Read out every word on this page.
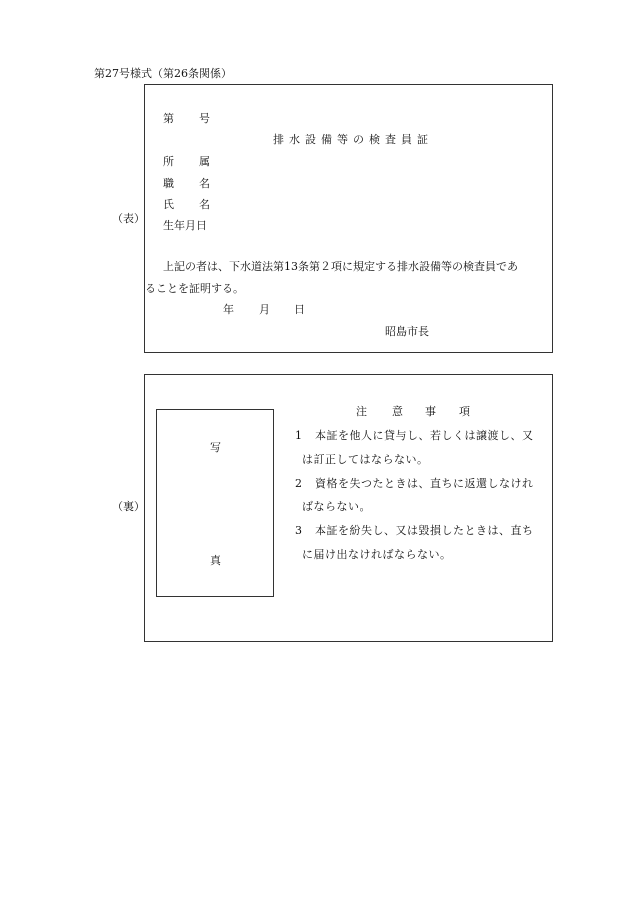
第27号様式（第26条関係）
（表）
第 号
排水設備等の検査員証
所 属
職 名
氏 名
生年月日
上記の者は、下水道法第13条第２項に規定する排水設備等の検査員であ
ることを証明する。
年 月 日
昭島市長
（裏）
写
真
注 意 事 項
1 本証を他人に貸与し、若しくは譲渡し、又
は訂正してはならない。
2 資格を失つたときは、直ちに返還しなけれ
ばならない。
3 本証を紛失し、又は毀損したときは、直ち
に届け出なければならない。
